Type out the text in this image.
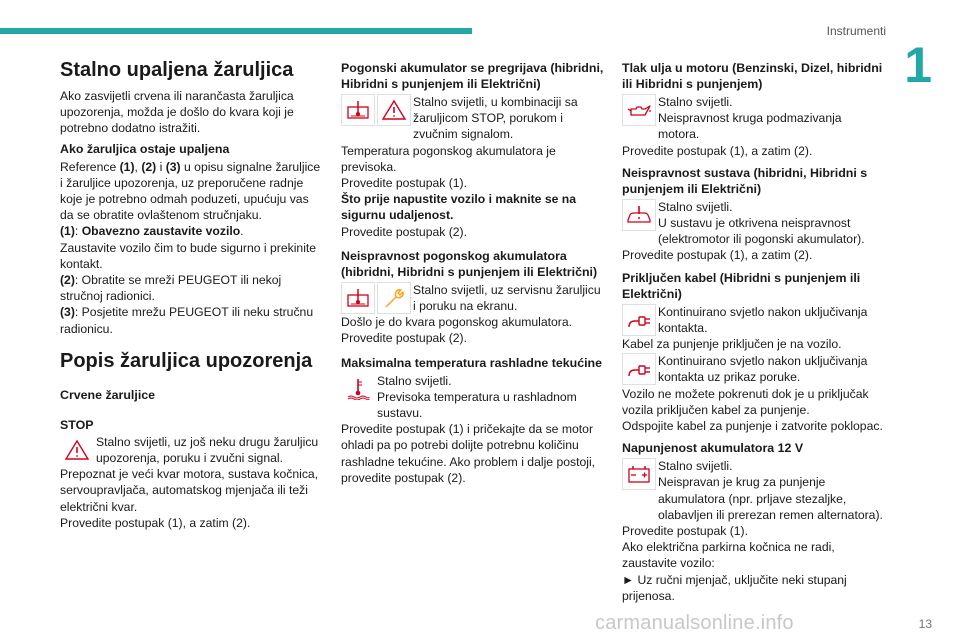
Instrumenti
1
13
carmanualsonline.info
Stalno upaljena žaruljica

Ako zasvijetli crvena ili narančasta žaruljica upozorenja, možda je došlo do kvara koji je potrebno dodatno istražiti.

Ako žaruljica ostaje upaljena

Reference (1), (2) i (3) u opisu signalne žaruljice i žaruljice upozorenja, uz preporučene radnje koje je potrebno odmah poduzeti, upućuju vas da se obratite ovlaštenom stručnjaku.

(1): Obavezno zaustavite vozilo.

Zaustavite vozilo čim to bude sigurno i prekinite kontakt.

(2): Obratite se mreži PEUGEOT ili nekoj stručnoj radionici.

(3): Posjetite mrežu PEUGEOT ili neku stručnu radionicu.

Popis žaruljica upozorenja
Crvene žaruljice
STOP

Stalno svijetli, uz još neku drugu žaruljicu upozorenja, poruku i zvučni signal.

Prepoznat je veći kvar motora, sustava kočnica, servoupravljača, automatskog mjenjača ili teži električni kvar.

Provedite postupak (1), a zatim (2).

Pogonski akumulator se pregrijava (hibridni, Hibridni s punjenjem ili Električni)

Stalno svijetli, u kombinaciji sa žaruljicom STOP, porukom i zvučnim signalom.

Temperatura pogonskog akumulatora je previsoka.

Provedite postupak (1).

Što prije napustite vozilo i maknite se na sigurnu udaljenost.

Provedite postupak (2).

Neispravnost pogonskog akumulatora (hibridni, Hibridni s punjenjem ili Električni)

Stalno svijetli, uz servisnu žaruljicu i poruku na ekranu.

Došlo je do kvara pogonskog akumulatora.

Provedite postupak (2).

Maksimalna temperatura rashladne tekućine

Stalno svijetli.

Previsoka temperatura u rashladnom sustavu.

Provedite postupak (1) i pričekajte da se motor ohladi pa po potrebi dolijte potrebnu količinu rashladne tekućine. Ako problem i dalje postoji, provedite postupak (2).

Tlak ulja u motoru (Benzinski, Dizel, hibridni ili Hibridni s punjenjem)

Stalno svijetli.

Neispravnost kruga podmazivanja motora.

Provedite postupak (1), a zatim (2).

Neispravnost sustava (hibridni, Hibridni s punjenjem ili Električni)

Stalno svijetli.

U sustavu je otkrivena neispravnost (elektromotor ili pogonski akumulator).

Provedite postupak (1), a zatim (2).

Priključen kabel (Hibridni s punjenjem ili Električni)

Kontinuirano svjetlo nakon uključivanja kontakta.

Kabel za punjenje priključen je na vozilo.

Kontinuirano svjetlo nakon uključivanja kontakta uz prikaz poruke.

Vozilo ne možete pokrenuti dok je u priključak vozila priključen kabel za punjenje.

Odspojite kabel za punjenje i zatvorite poklopac.

Napunjenost akumulatora 12 V

Stalno svijetli.

Neispravan je krug za punjenje akumulatora (npr. prljave stezaljke, olabavljen ili prerezan remen alternatora).

Provedite postupak (1).

Ako električna parkirna kočnica ne radi, zaustavite vozilo:

► Uz ručni mjenjač, uključite neki stupanj prijenosa.
